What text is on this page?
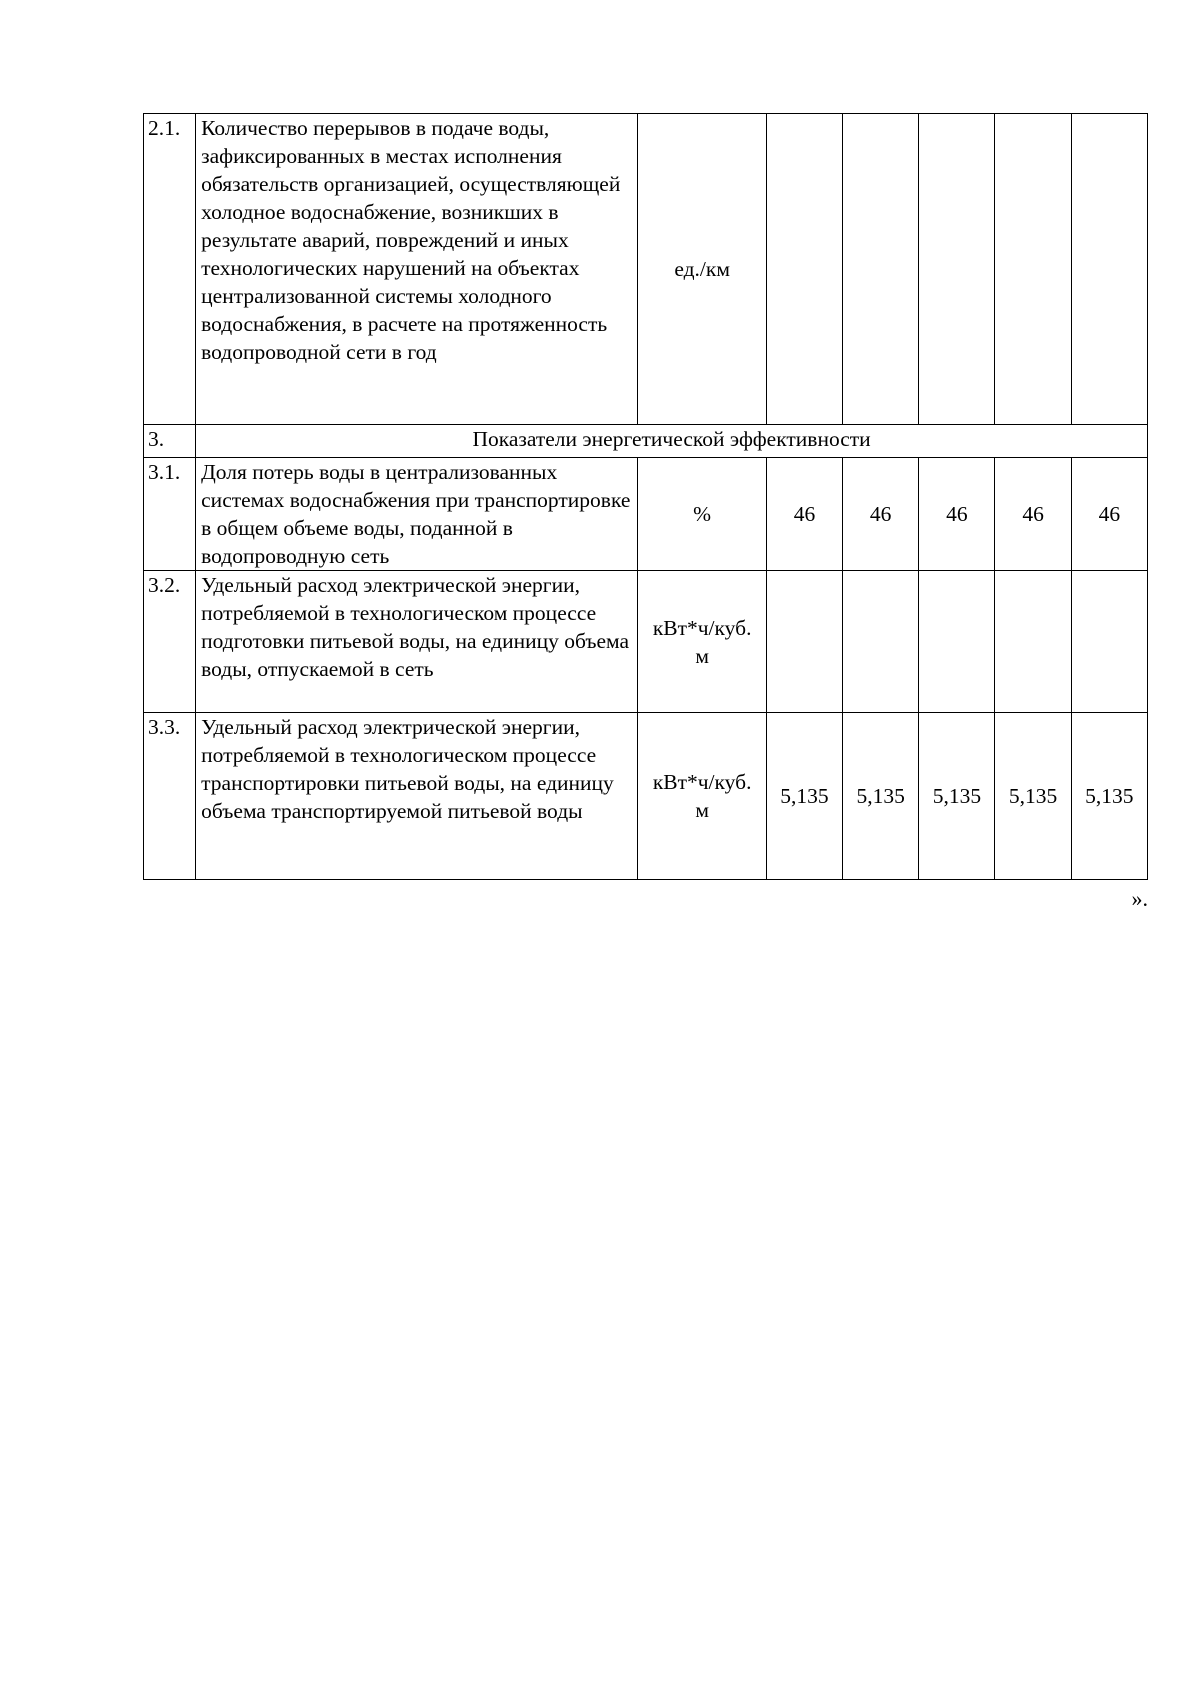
2.1.	Количество перерывов в подаче воды, зафиксированных в местах исполнения обязательств организацией, осуществляющей холодное водоснабжение, возникших в результате аварий, повреждений и иных технологических нарушений на объектах централизованной системы холодного водоснабжения, в расчете на протяженность водопроводной сети в год	ед./км					
3.	Показатели энергетической эффективности						
3.1.	Доля потерь воды в централизованных системах водоснабжения при транспортировке в общем объеме воды, поданной в водопроводную сеть	%	46	46	46	46	46
3.2.	Удельный расход электрической энергии, потребляемой в технологическом процессе подготовки питьевой воды, на единицу объема воды, отпускаемой в сеть	кВт*ч/куб. м					
3.3.	Удельный расход электрической энергии, потребляемой в технологическом процессе транспортировки питьевой воды, на единицу объема транспортируемой питьевой воды	кВт*ч/куб. м	5,135	5,135	5,135	5,135	5,135
».
